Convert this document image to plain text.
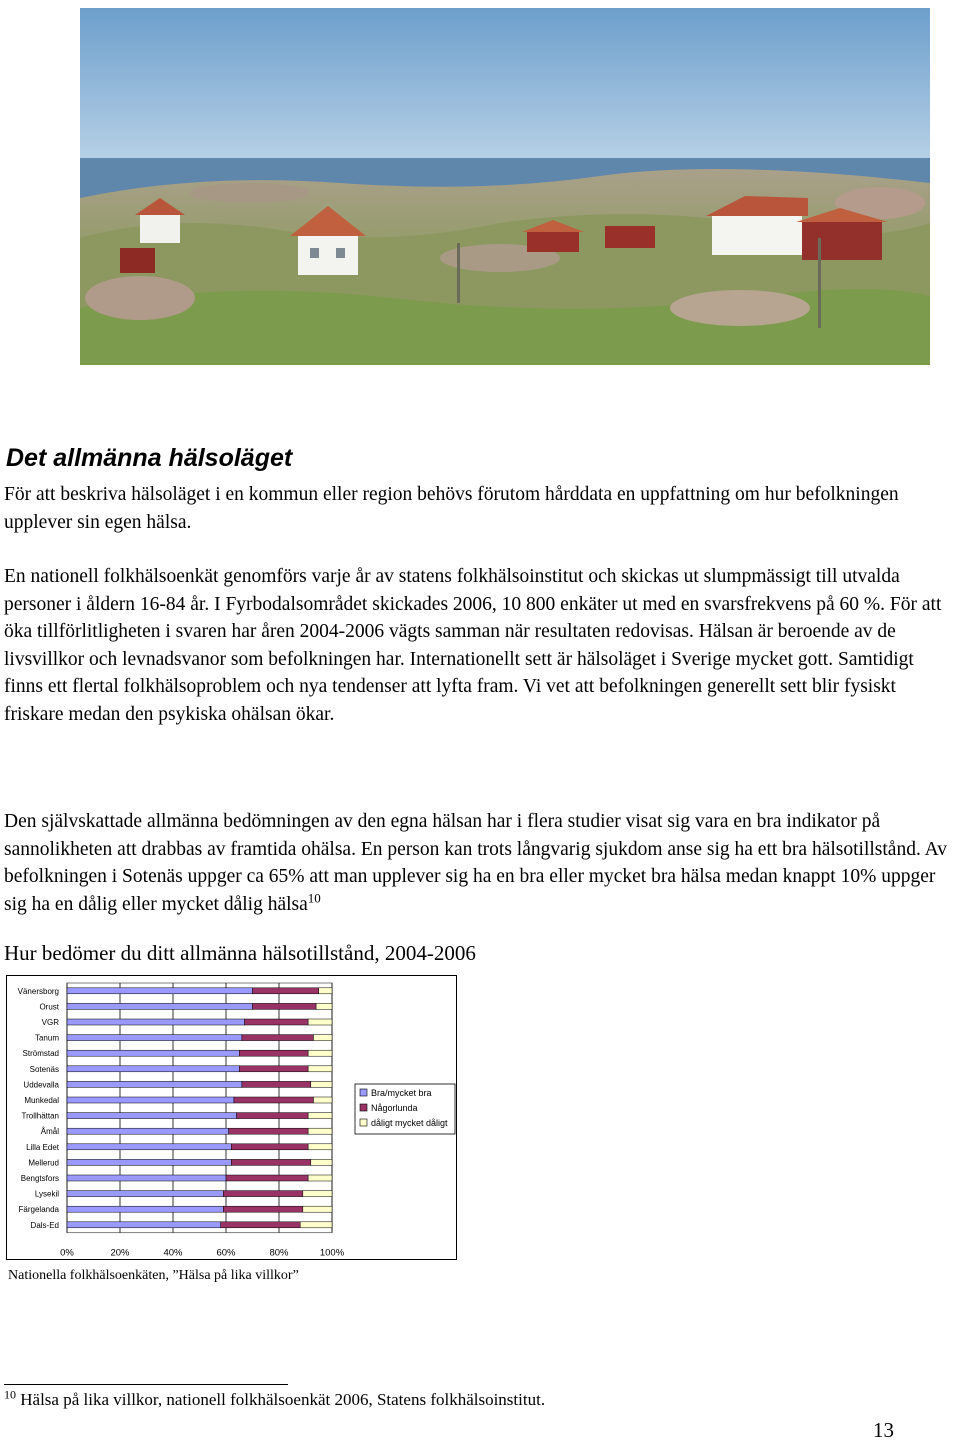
Det allmänna hälsoläget

För att beskriva hälsoläget i en kommun eller region behövs förutom hårddata en uppfattning om hur befolkningen upplever sin egen hälsa.

En nationell folkhälsoenkät genomförs varje år av statens folkhälsoinstitut och skickas ut slumpmässigt till utvalda personer i åldern 16-84 år. I Fyrbodalsområdet skickades 2006, 10 800 enkäter ut med en svarsfrekvens på 60 %. För att öka tillförlitligheten i svaren har åren 2004-2006 vägts samman när resultaten redovisas. Hälsan är beroende av de livsvillkor och levnadsvanor som befolkningen har. Internationellt sett är hälsoläget i Sverige mycket gott. Samtidigt finns ett flertal folkhälsoproblem och nya tendenser att lyfta fram. Vi vet att befolkningen generellt sett blir fysiskt friskare medan den psykiska ohälsan ökar.

Den självskattade allmänna bedömningen av den egna hälsan har i flera studier visat sig vara en bra indikator på sannolikheten att drabbas av framtida ohälsa. En person kan trots långvarig sjukdom anse sig ha ett bra hälsotillstånd. Av befolkningen i Sotenäs uppger ca 65% att man upplever sig ha en bra eller mycket bra hälsa medan knappt 10% uppger sig ha en dålig eller mycket dålig hälsa$^{10}$

Hur bedömer du ditt allmänna hälsotillstånd, 2004-2006

0%	20%	40%	60%	80%	100%
Vänersborg
Orust
VGR
Tanum
Strömstad
Sotenäs
Uddevalla
Munkedal
Trollhättan
Åmål
Lilla Edet
Mellerud
Bengtsfors
Lysekil
Färgelanda
Dals-Ed
Bra/mycket bra
Någorlunda
dåligt mycket dåligt

Nationella folkhälsoenkäten, ”Hälsa på lika villkor”

$^{10}$ Hälsa på lika villkor, nationell folkhälsoenkät 2006, Statens folkhälsoinstitut.

13
